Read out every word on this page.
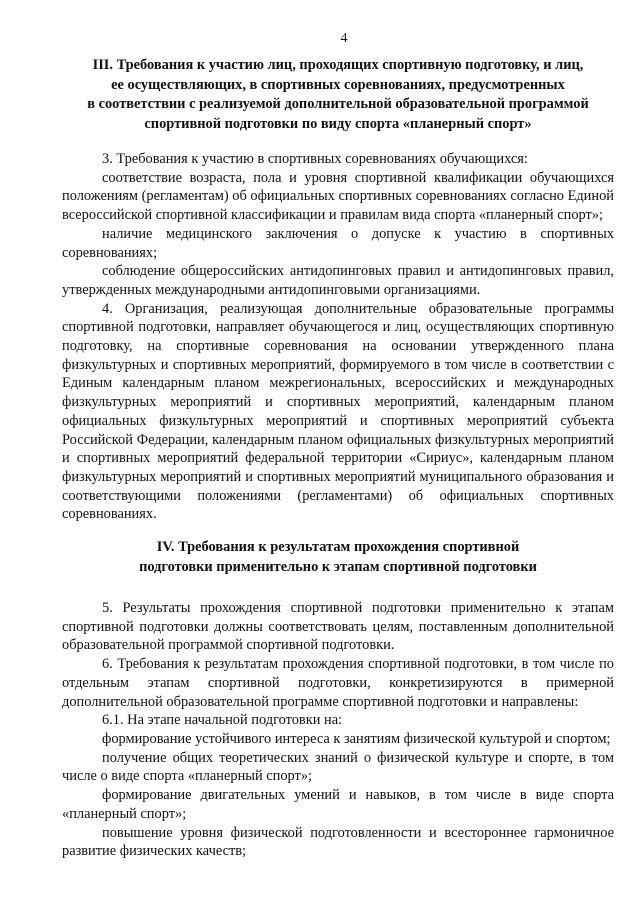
4
III. Требования к участию лиц, проходящих спортивную подготовку, и лиц,
ее осуществляющих, в спортивных соревнованиях, предусмотренных
в соответствии с реализуемой дополнительной образовательной программой
спортивной подготовки по виду спорта «планерный спорт»

3. Требования к участию в спортивных соревнованиях обучающихся:

соответствие возраста, пола и уровня спортивной квалификации обучающихся положениям (регламентам) об официальных спортивных соревнованиях согласно Единой всероссийской спортивной классификации и правилам вида спорта «планерный спорт»;

наличие медицинского заключения о допуске к участию в спортивных соревнованиях;

соблюдение общероссийских антидопинговых правил и антидопинговых правил, утвержденных международными антидопинговыми организациями.

4. Организация, реализующая дополнительные образовательные программы спортивной подготовки, направляет обучающегося и лиц, осуществляющих спортивную подготовку, на спортивные соревнования на основании утвержденного плана физкультурных и спортивных мероприятий, формируемого в том числе в соответствии с Единым календарным планом межрегиональных, всероссийских и международных физкультурных мероприятий и спортивных мероприятий, календарным планом официальных физкультурных мероприятий и спортивных мероприятий субъекта Российской Федерации, календарным планом официальных физкультурных мероприятий и спортивных мероприятий федеральной территории «Сириус», календарным планом физкультурных мероприятий и спортивных мероприятий муниципального образования и соответствующими положениями (регламентами) об официальных спортивных соревнованиях.

IV. Требования к результатам прохождения спортивной
подготовки применительно к этапам спортивной подготовки

5. Результаты прохождения спортивной подготовки применительно к этапам спортивной подготовки должны соответствовать целям, поставленным дополнительной образовательной программой спортивной подготовки.

6. Требования к результатам прохождения спортивной подготовки, в том числе по отдельным этапам спортивной подготовки, конкретизируются в примерной дополнительной образовательной программе спортивной подготовки и направлены:

6.1. На этапе начальной подготовки на:

формирование устойчивого интереса к занятиям физической культурой и спортом;

получение общих теоретических знаний о физической культуре и спорте, в том числе о виде спорта «планерный спорт»;

формирование двигательных умений и навыков, в том числе в виде спорта «планерный спорт»;

повышение уровня физической подготовленности и всестороннее гармоничное развитие физических качеств;
